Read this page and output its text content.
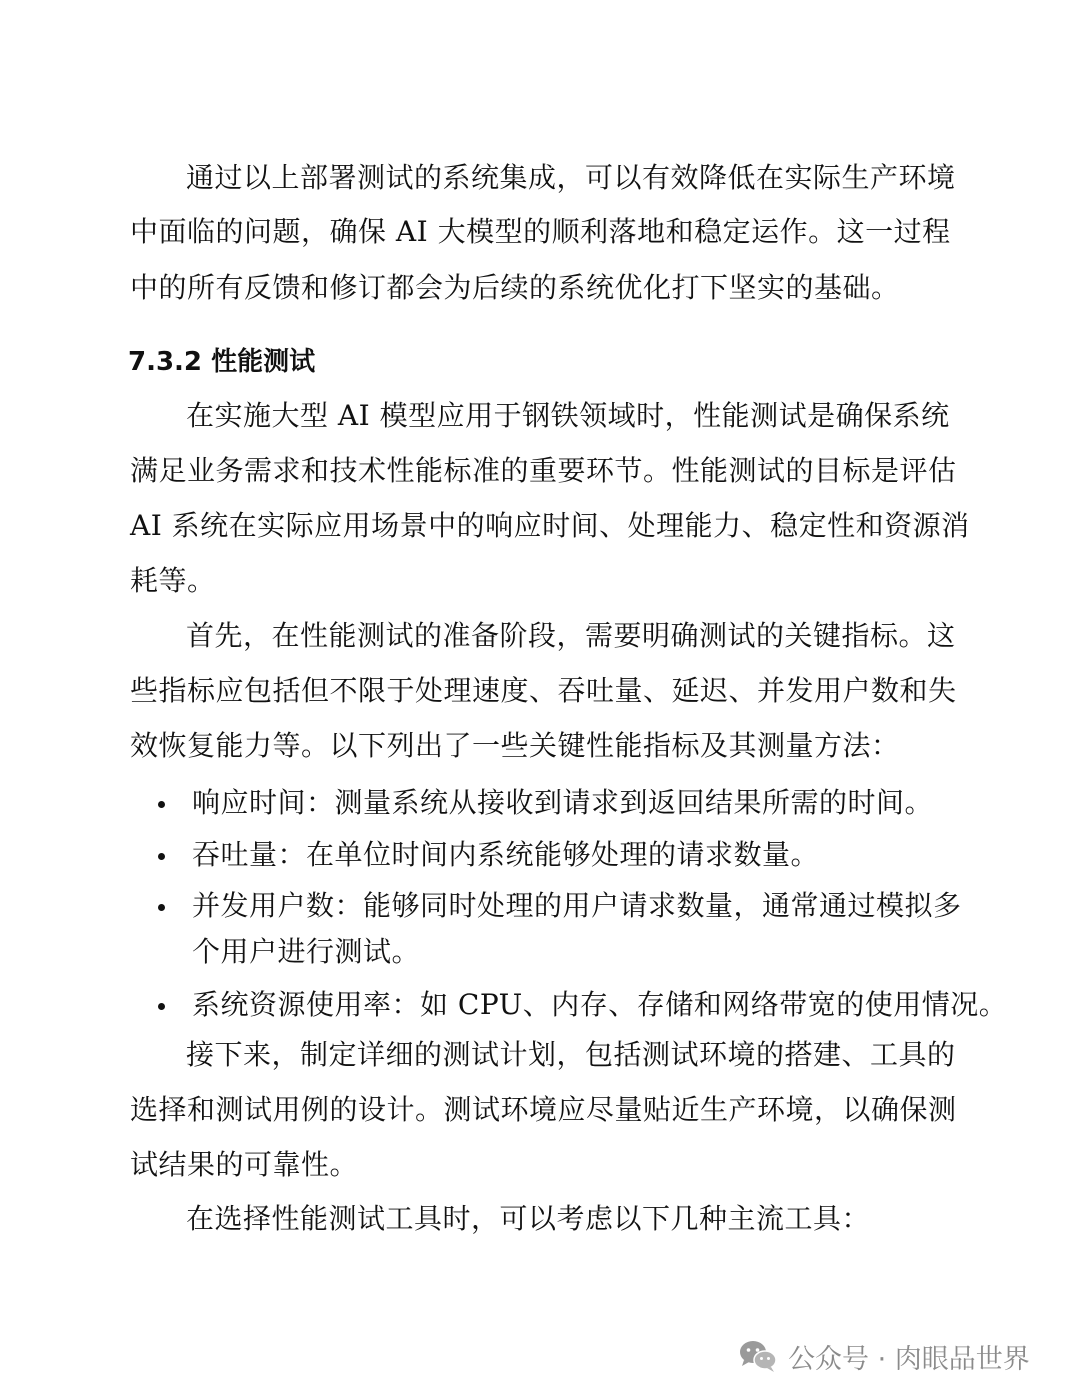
通过以上部署测试的系统集成，可以有效降低在实际生产环境
中面临的问题，确保 AI 大模型的顺利落地和稳定运作。这一过程
中的所有反馈和修订都会为后续的系统优化打下坚实的基础。
7.3.2 性能测试
在实施大型 AI 模型应用于钢铁领域时，性能测试是确保系统
满足业务需求和技术性能标准的重要环节。性能测试的目标是评估
AI 系统在实际应用场景中的响应时间、处理能力、稳定性和资源消
耗等。
首先，在性能测试的准备阶段，需要明确测试的关键指标。这
些指标应包括但不限于处理速度、吞吐量、延迟、并发用户数和失
效恢复能力等。以下列出了一些关键性能指标及其测量方法：
响应时间：测量系统从接收到请求到返回结果所需的时间。
吞吐量：在单位时间内系统能够处理的请求数量。
并发用户数：能够同时处理的用户请求数量，通常通过模拟多
个用户进行测试。
系统资源使用率：如 CPU、内存、存储和网络带宽的使用情况。
接下来，制定详细的测试计划，包括测试环境的搭建、工具的
选择和测试用例的设计。测试环境应尽量贴近生产环境，以确保测
试结果的可靠性。
在选择性能测试工具时，可以考虑以下几种主流工具：
公众号 · 肉眼品世界
